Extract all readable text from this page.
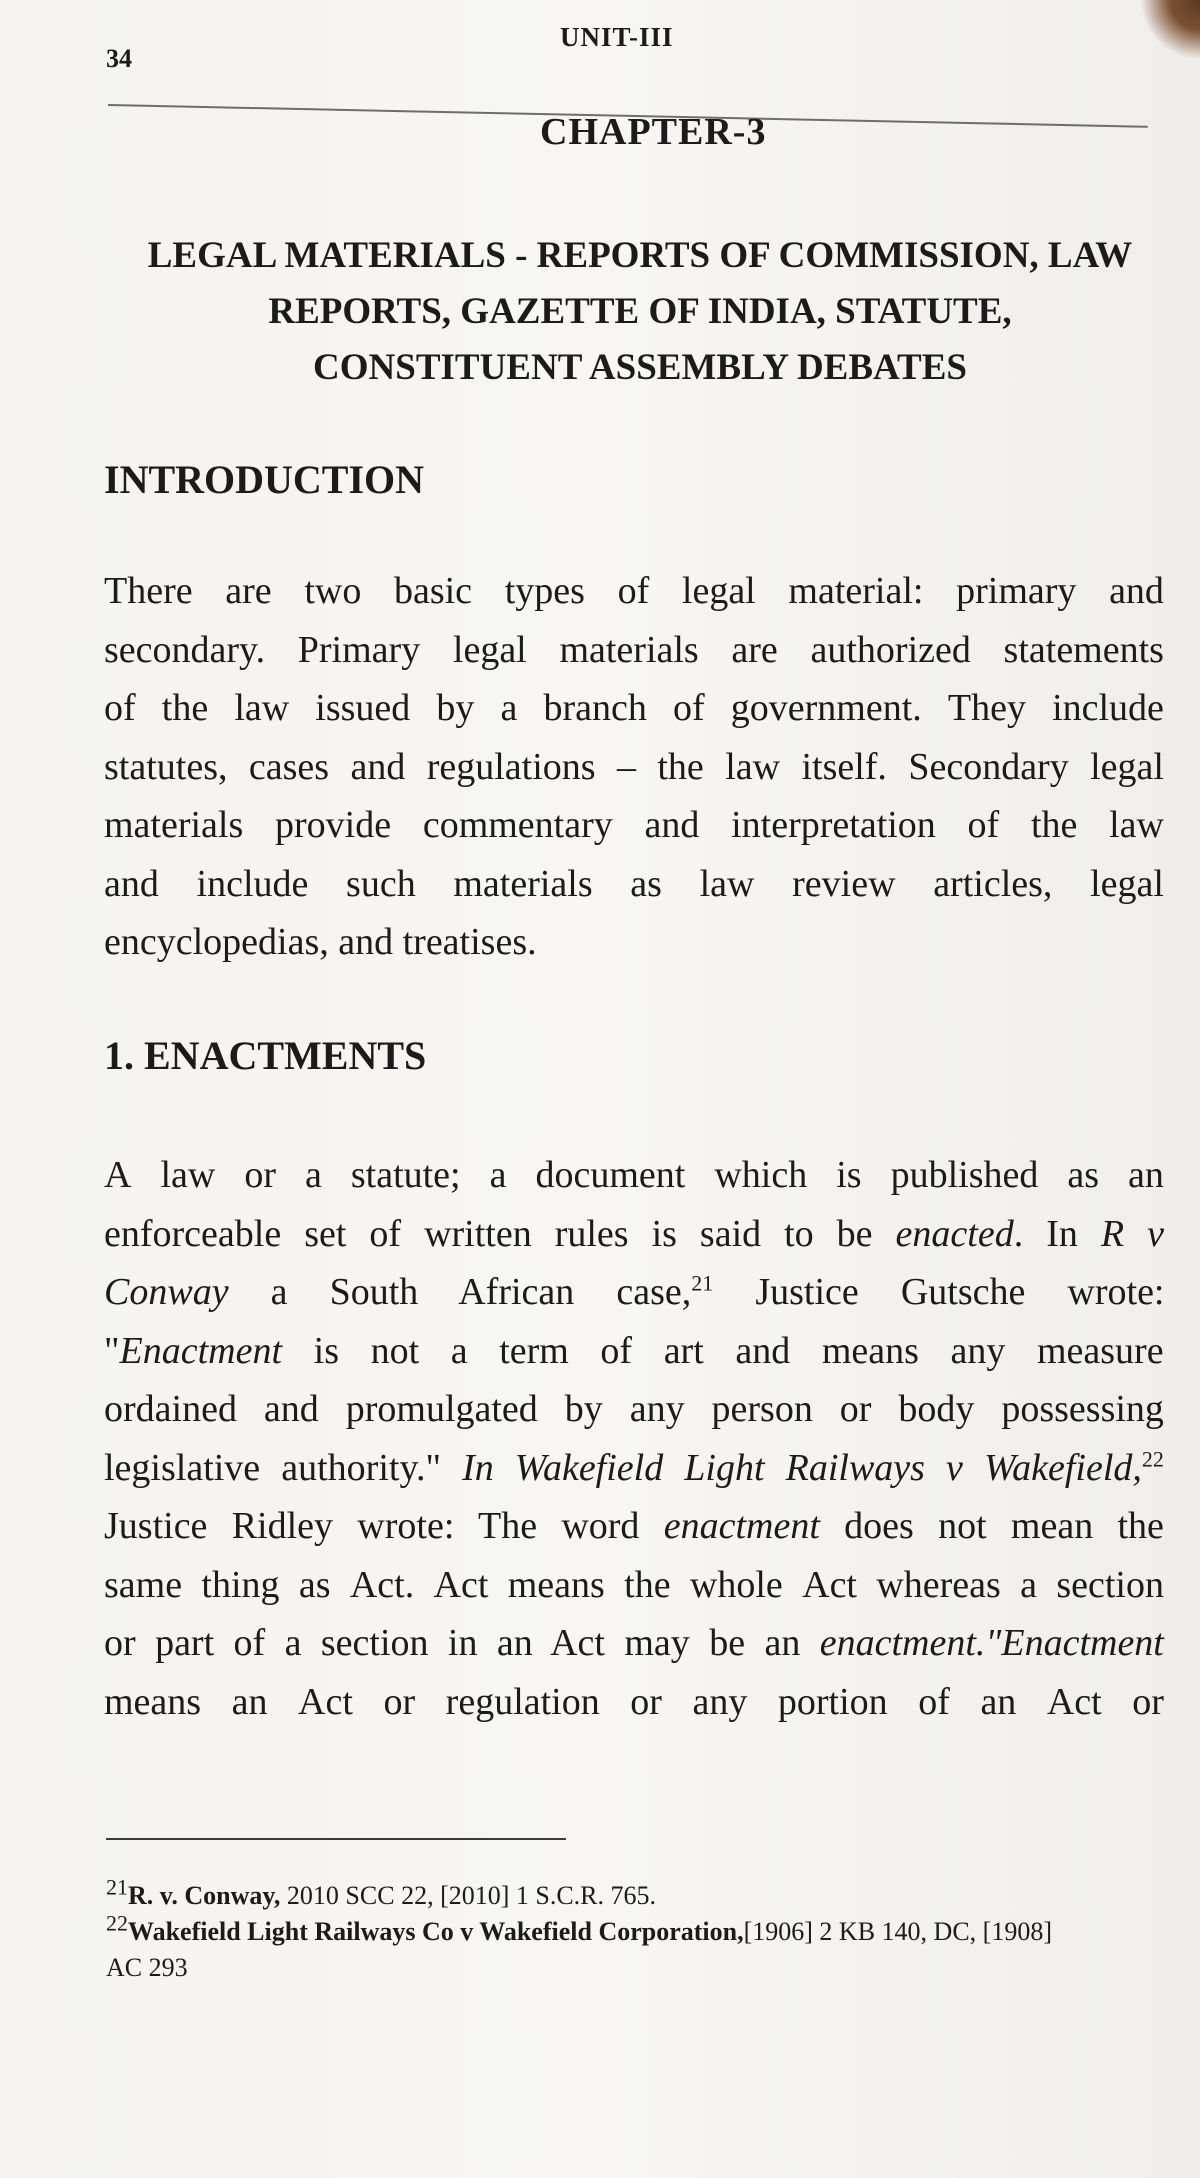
34
UNIT-III
CHAPTER-3
LEGAL MATERIALS - REPORTS OF COMMISSION, LAW
REPORTS, GAZETTE OF INDIA, STATUTE,
CONSTITUENT ASSEMBLY DEBATES
INTRODUCTION
There are two basic types of legal material: primary and
secondary. Primary legal materials are authorized statements
of the law issued by a branch of government. They include
statutes, cases and regulations – the law itself. Secondary legal
materials provide commentary and interpretation of the law
and include such materials as law review articles, legal
encyclopedias, and treatises.
1. ENACTMENTS
A law or a statute; a document which is published as an
enforceable set of written rules is said to be enacted. In R v
Conway a South African case,$^{21}$ Justice Gutsche wrote:
"Enactment is not a term of art and means any measure
ordained and promulgated by any person or body possessing
legislative authority." In Wakefield Light Railways v Wakefield,$^{22}$
Justice Ridley wrote: The word enactment does not mean the
same thing as Act. Act means the whole Act whereas a section
or part of a section in an Act may be an enactment."Enactment
means an Act or regulation or any portion of an Act or
$^{21}$R. v. Conway, 2010 SCC 22, [2010] 1 S.C.R. 765.
$^{22}$Wakefield Light Railways Co v Wakefield Corporation,[1906] 2 KB 140, DC, [1908]
AC 293
